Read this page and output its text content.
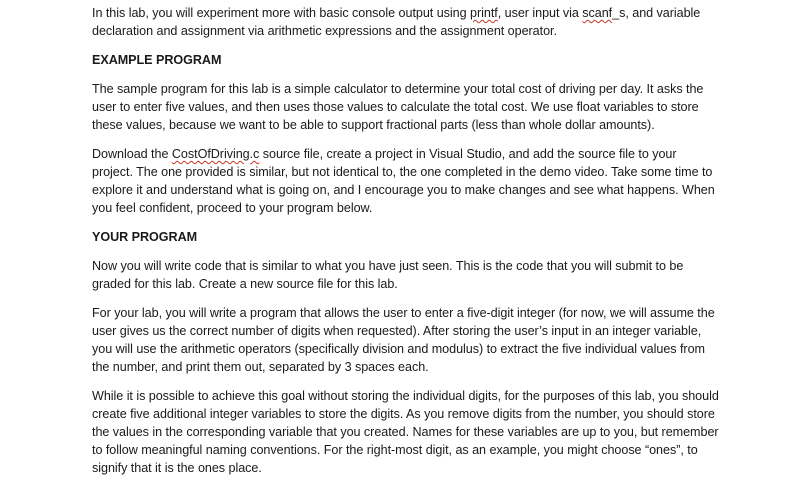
In this lab, you will experiment more with basic console output using printf, user input via scanf_s, and variable declaration and assignment via arithmetic expressions and the assignment operator.

EXAMPLE PROGRAM

The sample program for this lab is a simple calculator to determine your total cost of driving per day. It asks the user to enter five values, and then uses those values to calculate the total cost. We use float variables to store these values, because we want to be able to support fractional parts (less than whole dollar amounts).

Download the CostOfDriving.c source file, create a project in Visual Studio, and add the source file to your project. The one provided is similar, but not identical to, the one completed in the demo video. Take some time to explore it and understand what is going on, and I encourage you to make changes and see what happens. When you feel confident, proceed to your program below.

YOUR PROGRAM

Now you will write code that is similar to what you have just seen. This is the code that you will submit to be graded for this lab. Create a new source file for this lab.

For your lab, you will write a program that allows the user to enter a five-digit integer (for now, we will assume the user gives us the correct number of digits when requested). After storing the user’s input in an integer variable, you will use the arithmetic operators (specifically division and modulus) to extract the five individual values from the number, and print them out, separated by 3 spaces each.

While it is possible to achieve this goal without storing the individual digits, for the purposes of this lab, you should create five additional integer variables to store the digits. As you remove digits from the number, you should store the values in the corresponding variable that you created. Names for these variables are up to you, but remember to follow meaningful naming conventions. For the right-most digit, as an example, you might choose “ones”, to signify that it is the ones place.
